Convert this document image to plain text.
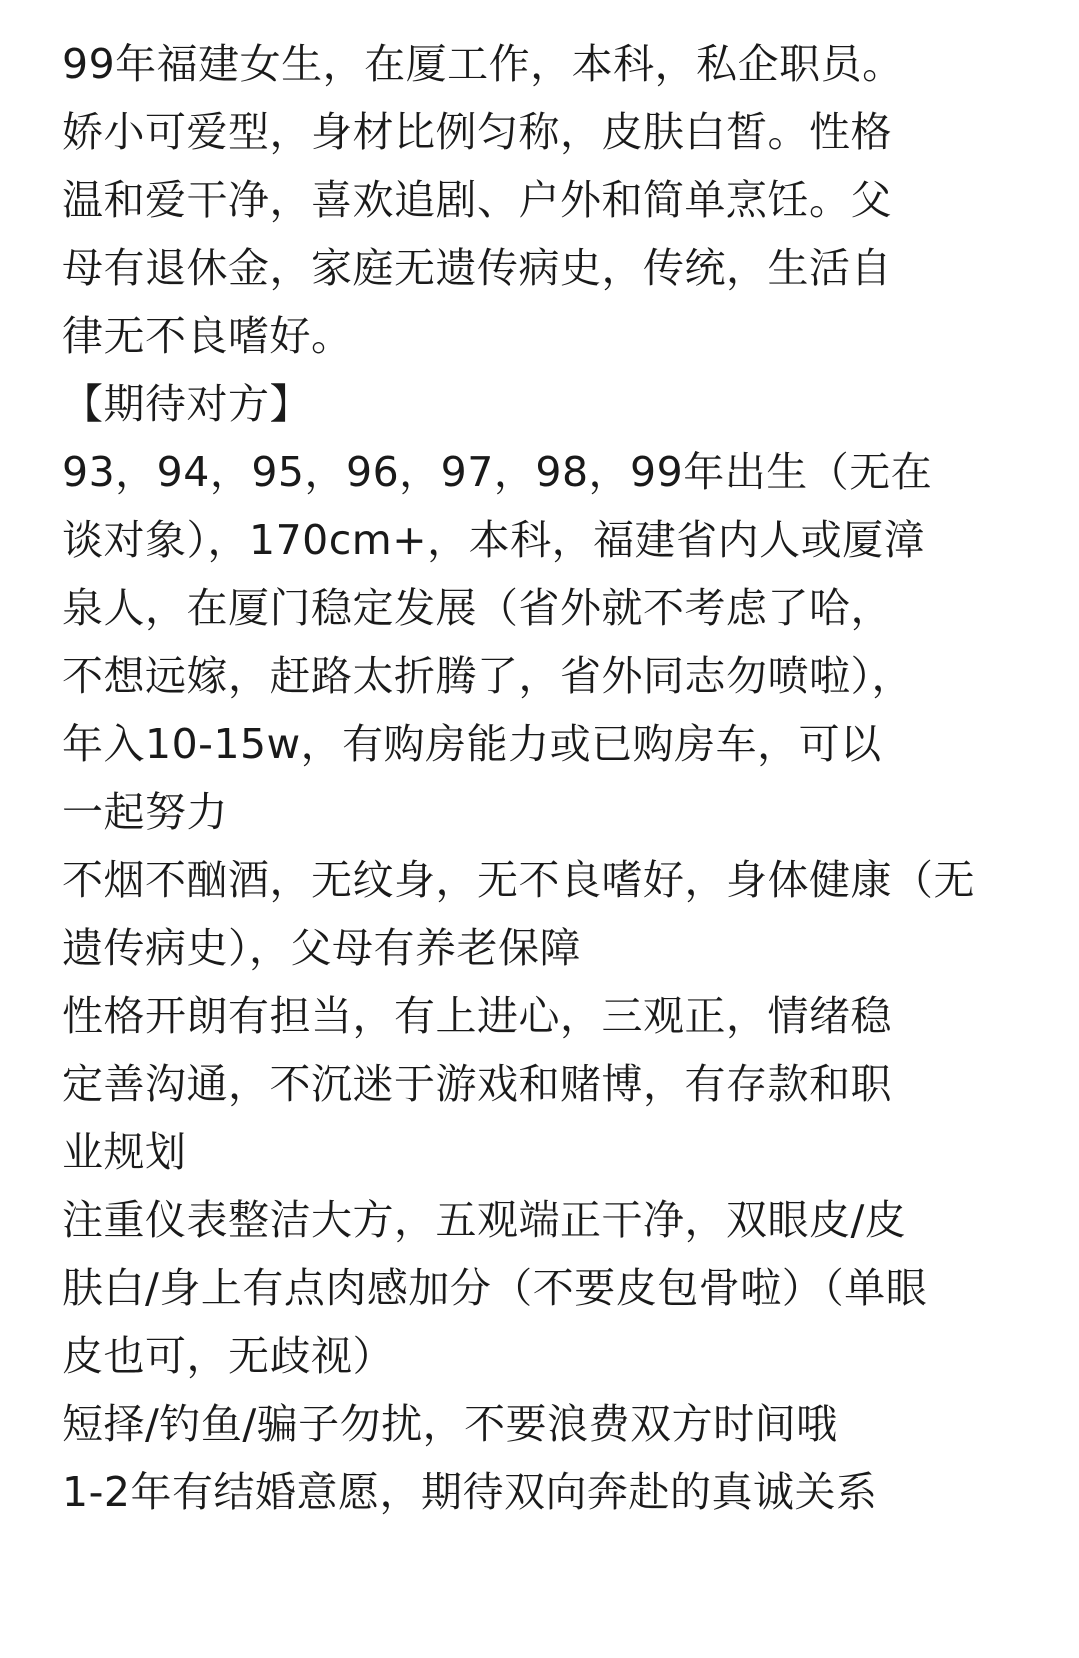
99年福建女生，在厦工作，本科，私企职员。
娇小可爱型，身材比例匀称，皮肤白皙。性格
温和爱干净，喜欢追剧、户外和简单烹饪。父
母有退休金，家庭无遗传病史，传统，生活自
律无不良嗜好。
【期待对方】
93，94，95，96，97，98，99年出生（无在
谈对象），170cm+，本科，福建省内人或厦漳
泉人，在厦门稳定发展（省外就不考虑了哈，
不想远嫁，赶路太折腾了，省外同志勿喷啦），
年入10-15w，有购房能力或已购房车，可以
一起努力
不烟不酗酒，无纹身，无不良嗜好，身体健康（无
遗传病史），父母有养老保障
性格开朗有担当，有上进心，三观正，情绪稳
定善沟通，不沉迷于游戏和赌博，有存款和职
业规划
注重仪表整洁大方，五观端正干净，双眼皮/皮
肤白/身上有点肉感加分（不要皮包骨啦）（单眼
皮也可，无歧视）
短择/钓鱼/骗子勿扰，不要浪费双方时间哦
1-2年有结婚意愿，期待双向奔赴的真诚关系
